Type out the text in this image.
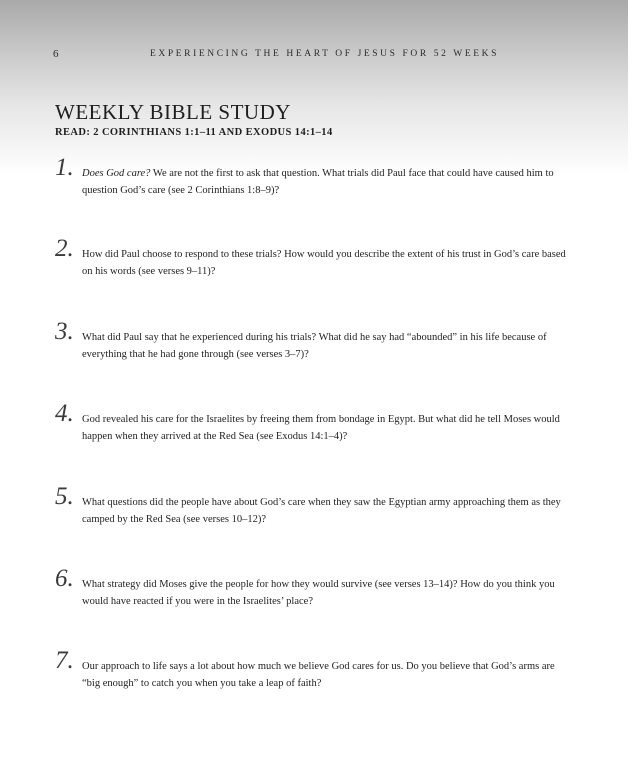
6	EXPERIENCING THE HEART OF JESUS FOR 52 WEEKS
WEEKLY BIBLE STUDY
READ: 2 CORINTHIANS 1:1–11 AND EXODUS 14:1–14
1. Does God care? We are not the first to ask that question. What trials did Paul face that could have caused him to question God’s care (see 2 Corinthians 1:8–9)?
2. How did Paul choose to respond to these trials? How would you describe the extent of his trust in God’s care based on his words (see verses 9–11)?
3. What did Paul say that he experienced during his trials? What did he say had “abounded” in his life because of everything that he had gone through (see verses 3–7)?
4. God revealed his care for the Israelites by freeing them from bondage in Egypt. But what did he tell Moses would happen when they arrived at the Red Sea (see Exodus 14:1–4)?
5. What questions did the people have about God’s care when they saw the Egyptian army approaching them as they camped by the Red Sea (see verses 10–12)?
6. What strategy did Moses give the people for how they would survive (see verses 13–14)? How do you think you would have reacted if you were in the Israelites’ place?
7. Our approach to life says a lot about how much we believe God cares for us. Do you believe that God’s arms are “big enough” to catch you when you take a leap of faith?
